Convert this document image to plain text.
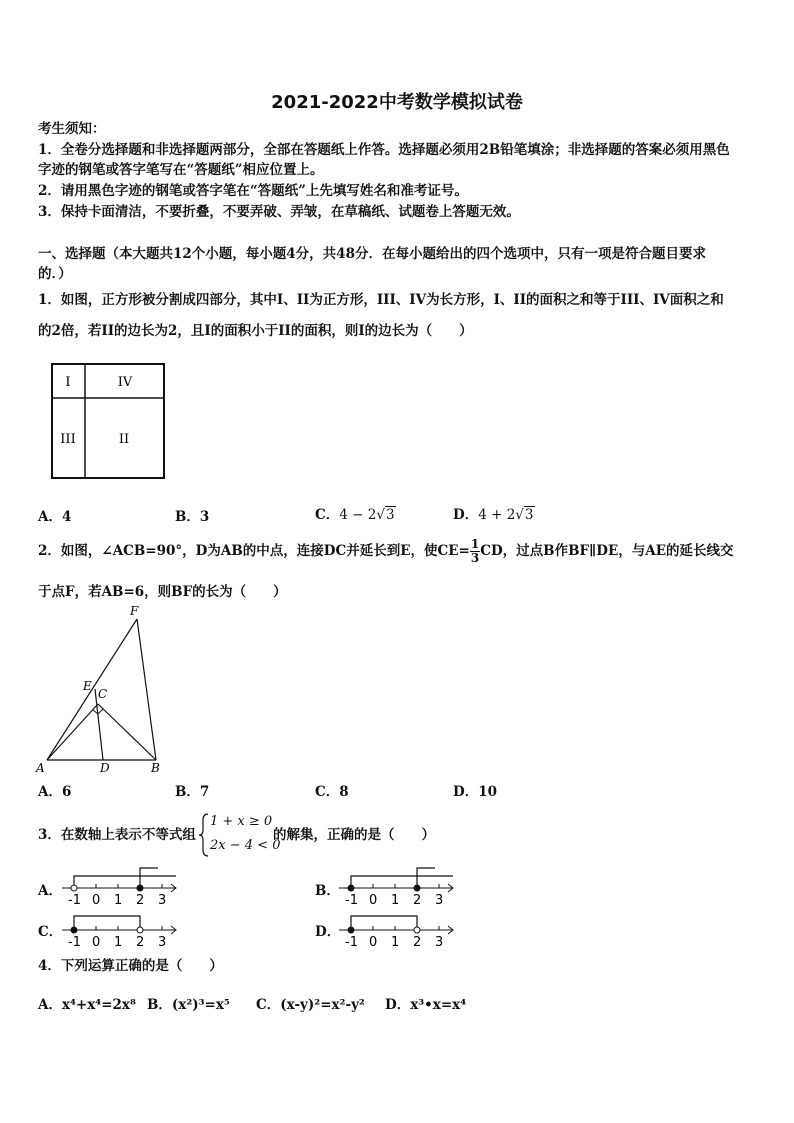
2021-2022中考数学模拟试卷
考生须知：
1．全卷分选择题和非选择题两部分，全部在答题纸上作答。选择题必须用2B铅笔填涂；非选择题的答案必须用黑色
字迹的钢笔或答字笔写在“答题纸”相应位置上。
2．请用黑色字迹的钢笔或答字笔在“答题纸”上先填写姓名和准考证号。
3．保持卡面清洁，不要折叠，不要弄破、弄皱，在草稿纸、试题卷上答题无效。
一、选择题（本大题共12个小题，每小题4分，共48分．在每小题给出的四个选项中，只有一项是符合题目要求
的．）
1．如图，正方形被分割成四部分，其中I、II为正方形，III、IV为长方形，I、II的面积之和等于III、IV面积之和
的2倍，若II的边长为2，且I的面积小于II的面积，则I的边长为（　　）
I	IV
III	II
A．4	B．3	C．4 − 2√3	D．4 + 2√3
2．如图，∠ACB=90°，D为AB的中点，连接DC并延长到E，使$CE= \frac{1}{3}$ CD，过点B作BF∥DE，与AE的延长线交
于点F，若AB=6，则BF的长为（　　）
F
E
C
A	D	B
A．6	B．7	C．8	D．10
3．在数轴上表示不等式组
1 + x ≥ 0
2x − 4 < 0
的解集，正确的是（　　）
A．
-1 0 1 2 3
B．
-1 0 1 2 3
C．
-1 0 1 2 3
D．
-1 0 1 2 3
4．下列运算正确的是（　　）
A．x⁴+x⁴=2x⁸ B．(x²)³=x⁵ C．(x-y)²=x²-y² D．x³•x=x⁴
